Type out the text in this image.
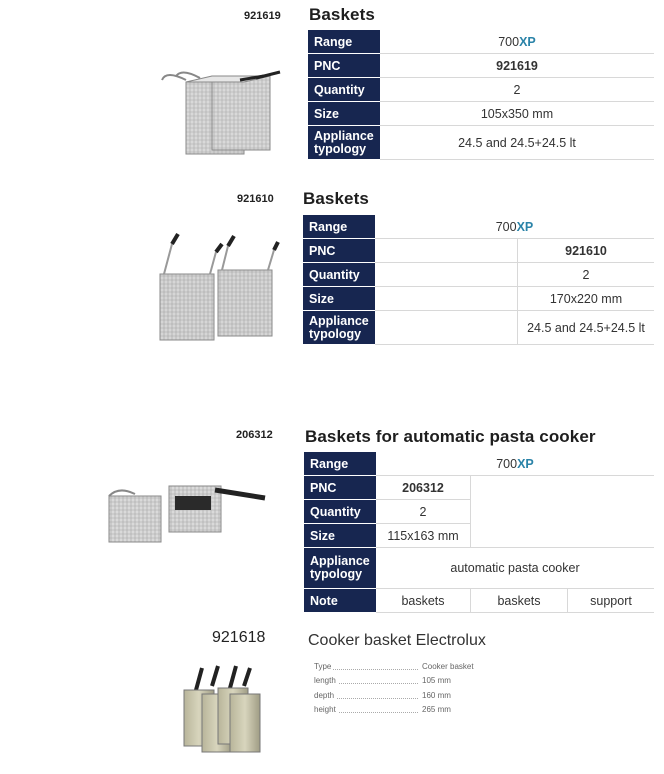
921619 Baskets
Range	700XP
PNC	921619
Quantity	2
Size	105x350 mm
Appliance
typology	24.5 and 24.5+24.5 lt
921610 Baskets
Range	700XP	
PNC		921610
Quantity		2
Size		170x220 mm
Appliance
typology		24.5 and 24.5+24.5 lt
206312 Baskets for automatic pasta cooker
Range	700XP		
PNC	206312		
Quantity	2		
Size	115x163 mm		
Appliance
typology	automatic pasta cooker		
Note	baskets	baskets	support
921618	Cooker basket Electrolux
Type	Cooker basket
length	105 mm
depth	160 mm
height	265 mm
